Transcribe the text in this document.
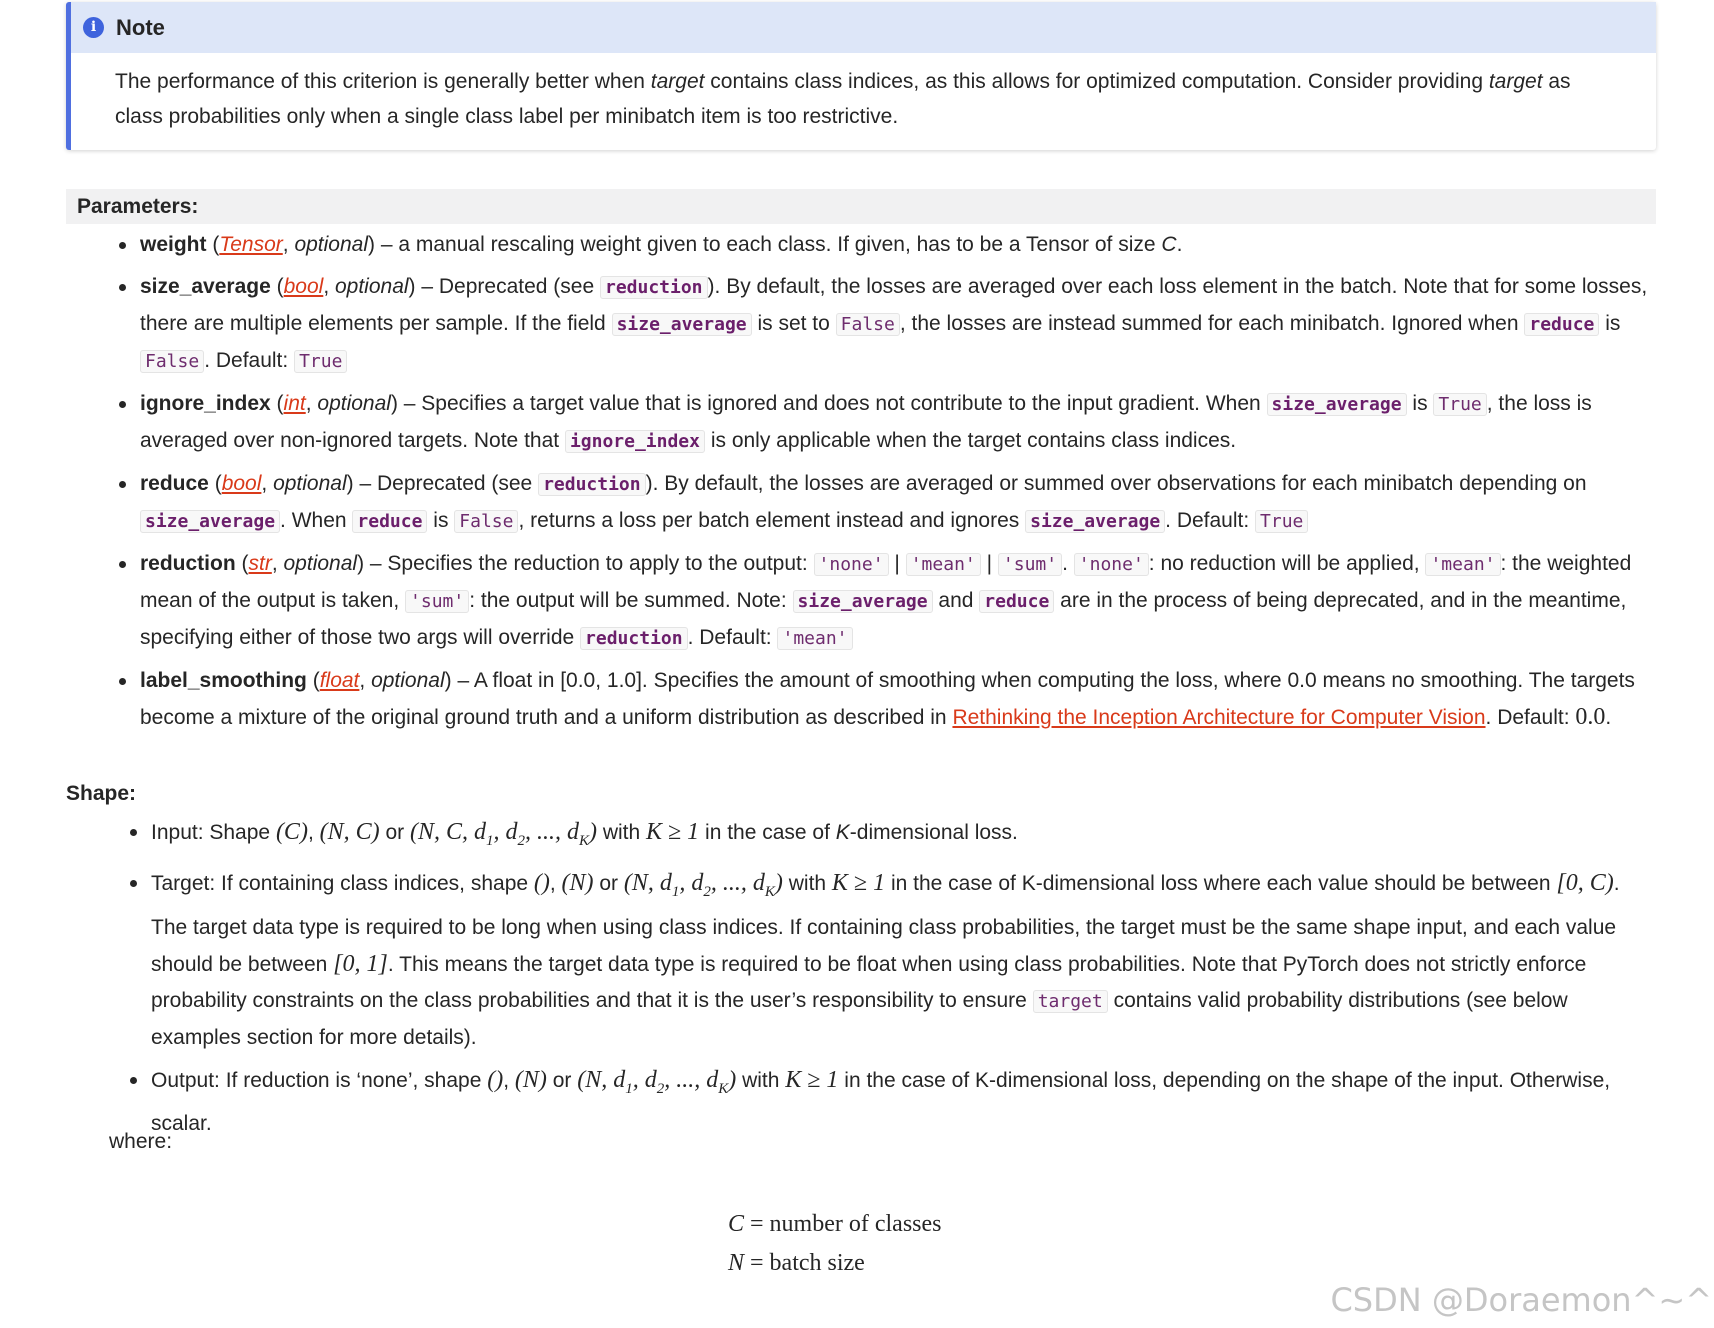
i Note
The performance of this criterion is generally better when target contains class indices, as this allows for optimized computation. Consider providing target as class probabilities only when a single class label per minibatch item is too restrictive.
Parameters:
weight (Tensor, optional) – a manual rescaling weight given to each class. If given, has to be a Tensor of size C.
size_average (bool, optional) – Deprecated (see reduction ). By default, the losses are averaged over each loss element in the batch. Note that for some losses, there are multiple elements per sample. If the field size_average is set to False , the losses are instead summed for each minibatch. Ignored when reduce is False . Default: True
ignore_index (int, optional) – Specifies a target value that is ignored and does not contribute to the input gradient. When size_average is True , the loss is averaged over non-ignored targets. Note that ignore_index is only applicable when the target contains class indices.
reduce (bool, optional) – Deprecated (see reduction ). By default, the losses are averaged or summed over observations for each minibatch depending on size_average . When reduce is False , returns a loss per batch element instead and ignores size_average . Default: True
reduction (str, optional) – Specifies the reduction to apply to the output: 'none' | 'mean' | 'sum' . 'none' : no reduction will be applied, 'mean' : the weighted mean of the output is taken, 'sum' : the output will be summed. Note: size_average and reduce are in the process of being deprecated, and in the meantime, specifying either of those two args will override reduction . Default: 'mean'
label_smoothing (float, optional) – A float in [0.0, 1.0]. Specifies the amount of smoothing when computing the loss, where 0.0 means no smoothing. The targets become a mixture of the original ground truth and a uniform distribution as described in Rethinking the Inception Architecture for Computer Vision. Default: 0.0.
Shape:
Input: Shape (C), (N, C) or (N, C, $d_1$, $d_2$, ..., $d_K$) with K ≥ 1 in the case of K-dimensional loss.
Target: If containing class indices, shape (), (N) or (N, $d_1$, $d_2$, ..., $d_K$) with K ≥ 1 in the case of K-dimensional loss where each value should be between [0, C). The target data type is required to be long when using class indices. If containing class probabilities, the target must be the same shape input, and each value should be between [0, 1]. This means the target data type is required to be float when using class probabilities. Note that PyTorch does not strictly enforce probability constraints on the class probabilities and that it is the user’s responsibility to ensure target contains valid probability distributions (see below examples section for more details).
Output: If reduction is ‘none’, shape (), (N) or (N, $d_1$, $d_2$, ..., $d_K$) with K ≥ 1 in the case of K-dimensional loss, depending on the shape of the input. Otherwise, scalar.
where:
C = number of classes
N = batch size
CSDN @Doraemon^~^
